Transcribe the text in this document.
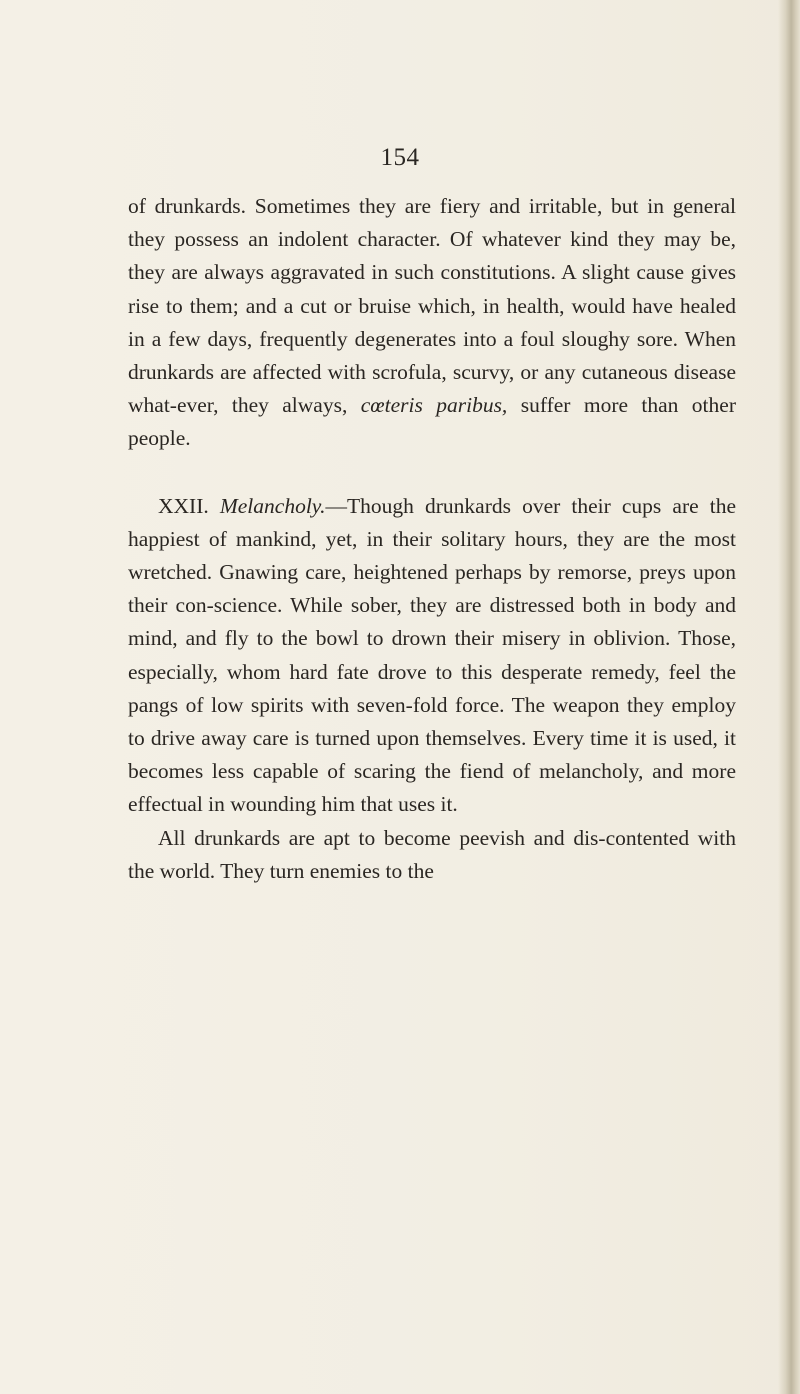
154

of drunkards. Sometimes they are fiery and irritable, but in general they possess an indolent character. Of whatever kind they may be, they are always aggravated in such constitutions. A slight cause gives rise to them; and a cut or bruise which, in health, would have healed in a few days, frequently degenerates into a foul sloughy sore. When drunkards are affected with scrofula, scurvy, or any cutaneous disease what-ever, they always, cœteris paribus, suffer more than other people.

XXII. Melancholy.—Though drunkards over their cups are the happiest of mankind, yet, in their solitary hours, they are the most wretched. Gnawing care, heightened perhaps by remorse, preys upon their con-science. While sober, they are distressed both in body and mind, and fly to the bowl to drown their misery in oblivion. Those, especially, whom hard fate drove to this desperate remedy, feel the pangs of low spirits with seven-fold force. The weapon they employ to drive away care is turned upon themselves. Every time it is used, it becomes less capable of scaring the fiend of melancholy, and more effectual in wounding him that uses it.

All drunkards are apt to become peevish and dis-contented with the world. They turn enemies to the
